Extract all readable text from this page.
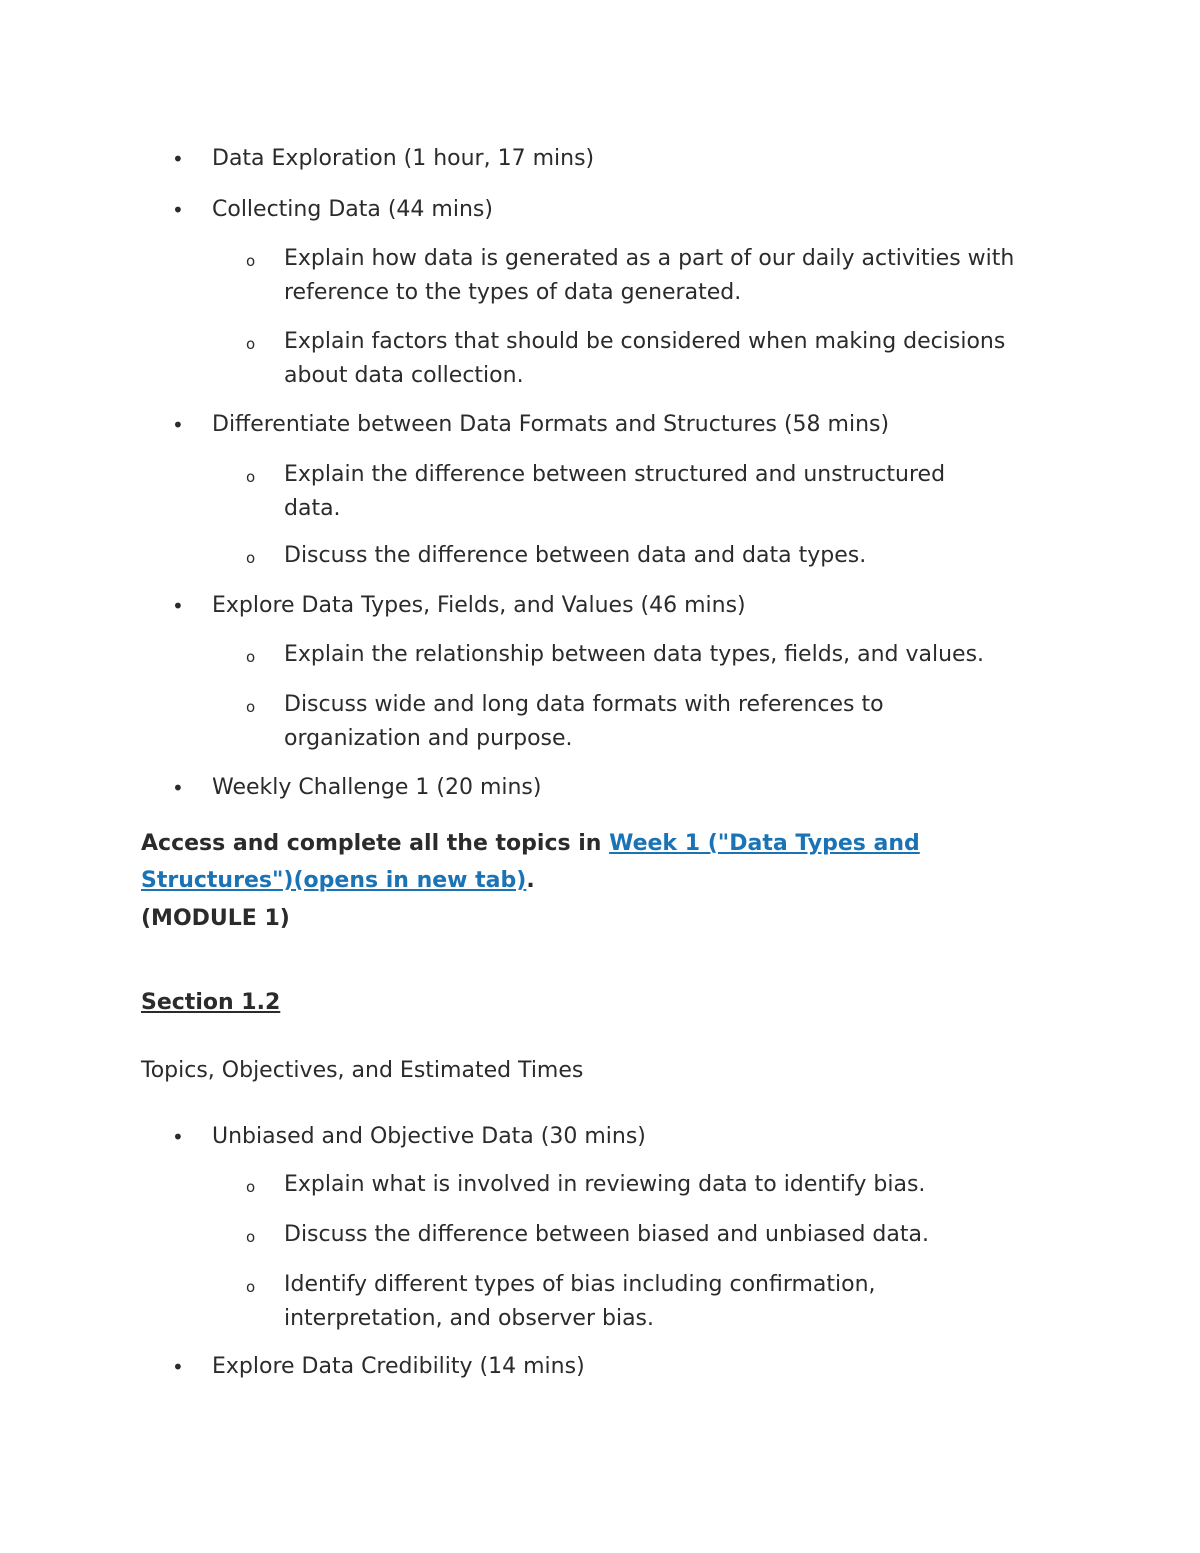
• Data Exploration (1 hour, 17 mins)
• Collecting Data (44 mins)
o Explain how data is generated as a part of our daily activities with reference to the types of data generated.
o Explain factors that should be considered when making decisions about data collection.
• Differentiate between Data Formats and Structures (58 mins)
o Explain the difference between structured and unstructured data.
o Discuss the difference between data and data types.
• Explore Data Types, Fields, and Values (46 mins)
o Explain the relationship between data types, fields, and values.
o Discuss wide and long data formats with references to organization and purpose.
• Weekly Challenge 1 (20 mins)
Access and complete all the topics in Week 1 ("Data Types and Structures")(opens in new tab).
(MODULE 1)
Section 1.2
Topics, Objectives, and Estimated Times
• Unbiased and Objective Data (30 mins)
o Explain what is involved in reviewing data to identify bias.
o Discuss the difference between biased and unbiased data.
o Identify different types of bias including confirmation, interpretation, and observer bias.
• Explore Data Credibility (14 mins)
